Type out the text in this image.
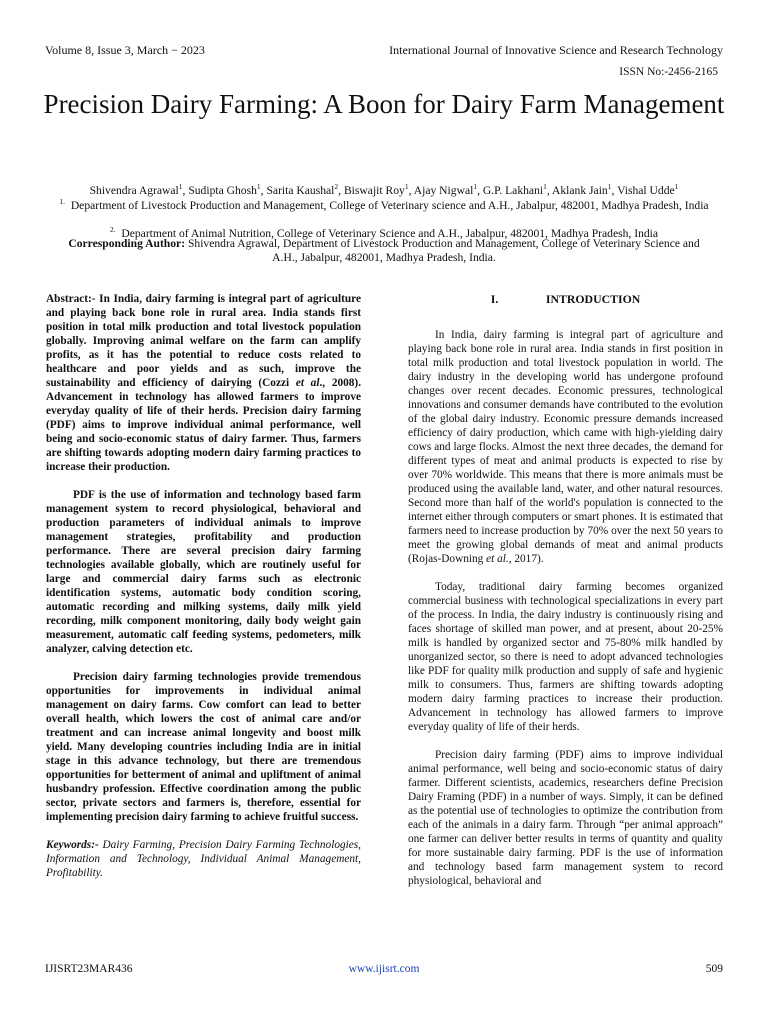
Volume 8, Issue 3, March − 2023	International Journal of Innovative Science and Research Technology
ISSN No:-2456-2165
Precision Dairy Farming: A Boon for Dairy Farm Management
Shivendra Agrawal$^1$, Sudipta Ghosh$^1$, Sarita Kaushal$^2$, Biswajit Roy$^1$, Ajay Nigwal$^1$, G.P. Lakhani$^1$, Aklank Jain$^1$, Vishal Udde$^1$
$^{1.}$ Department of Livestock Production and Management, College of Veterinary science and A.H., Jabalpur, 482001, Madhya Pradesh, India
$^{2.}$ Department of Animal Nutrition, College of Veterinary Science and A.H., Jabalpur, 482001, Madhya Pradesh, India
Corresponding Author: Shivendra Agrawal, Department of Livestock Production and Management, College of Veterinary Science and A.H., Jabalpur, 482001, Madhya Pradesh, India.

Abstract:- In India, dairy farming is integral part of agriculture and playing back bone role in rural area. India stands first position in total milk production and total livestock population globally. Improving animal welfare on the farm can amplify profits, as it has the potential to reduce costs related to healthcare and poor yields and as such, improve the sustainability and efficiency of dairying (Cozzi et al., 2008). Advancement in technology has allowed farmers to improve everyday quality of life of their herds. Precision dairy farming (PDF) aims to improve individual animal performance, well being and socio-economic status of dairy farmer. Thus, farmers are shifting towards adopting modern dairy farming practices to increase their production.

PDF is the use of information and technology based farm management system to record physiological, behavioral and production parameters of individual animals to improve management strategies, profitability and production performance. There are several precision dairy farming technologies available globally, which are routinely useful for large and commercial dairy farms such as electronic identification systems, automatic body condition scoring, automatic recording and milking systems, daily milk yield recording, milk component monitoring, daily body weight gain measurement, automatic calf feeding systems, pedometers, milk analyzer, calving detection etc.

Precision dairy farming technologies provide tremendous opportunities for improvements in individual animal management on dairy farms. Cow comfort can lead to better overall health, which lowers the cost of animal care and/or treatment and can increase animal longevity and boost milk yield. Many developing countries including India are in initial stage in this advance technology, but there are tremendous opportunities for betterment of animal and upliftment of animal husbandry profession. Effective coordination among the public sector, private sectors and farmers is, therefore, essential for implementing precision dairy farming to achieve fruitful success.

Keywords:- Dairy Farming, Precision Dairy Farming Technologies, Information and Technology, Individual Animal Management, Profitability.

I.	INTRODUCTION

In India, dairy farming is integral part of agriculture and playing back bone role in rural area. India stands in first position in total milk production and total livestock population in world. The dairy industry in the developing world has undergone profound changes over recent decades. Economic pressures, technological innovations and consumer demands have contributed to the evolution of the global dairy industry. Economic pressure demands increased efficiency of dairy production, which came with high-yielding dairy cows and large flocks. Almost the next three decades, the demand for different types of meat and animal products is expected to rise by over 70% worldwide. This means that there is more animals must be produced using the available land, water, and other natural resources. Second more than half of the world's population is connected to the internet either through computers or smart phones. It is estimated that farmers need to increase production by 70% over the next 50 years to meet the growing global demands of meat and animal products (Rojas-Downing et al., 2017).

Today, traditional dairy farming becomes organized commercial business with technological specializations in every part of the process. In India, the dairy industry is continuously rising and faces shortage of skilled man power, and at present, about 20-25% milk is handled by organized sector and 75-80% milk handled by unorganized sector, so there is need to adopt advanced technologies like PDF for quality milk production and supply of safe and hygienic milk to consumers. Thus, farmers are shifting towards adopting modern dairy farming practices to increase their production. Advancement in technology has allowed farmers to improve everyday quality of life of their herds.

Precision dairy farming (PDF) aims to improve individual animal performance, well being and socio-economic status of dairy farmer. Different scientists, academics, researchers define Precision Dairy Framing (PDF) in a number of ways. Simply, it can be defined as the potential use of technologies to optimize the contribution from each of the animals in a dairy farm. Through “per animal approach” one farmer can deliver better results in terms of quantity and quality for more sustainable dairy farming. PDF is the use of information and technology based farm management system to record physiological, behavioral and

IJISRT23MAR436	www.ijisrt.com	509
